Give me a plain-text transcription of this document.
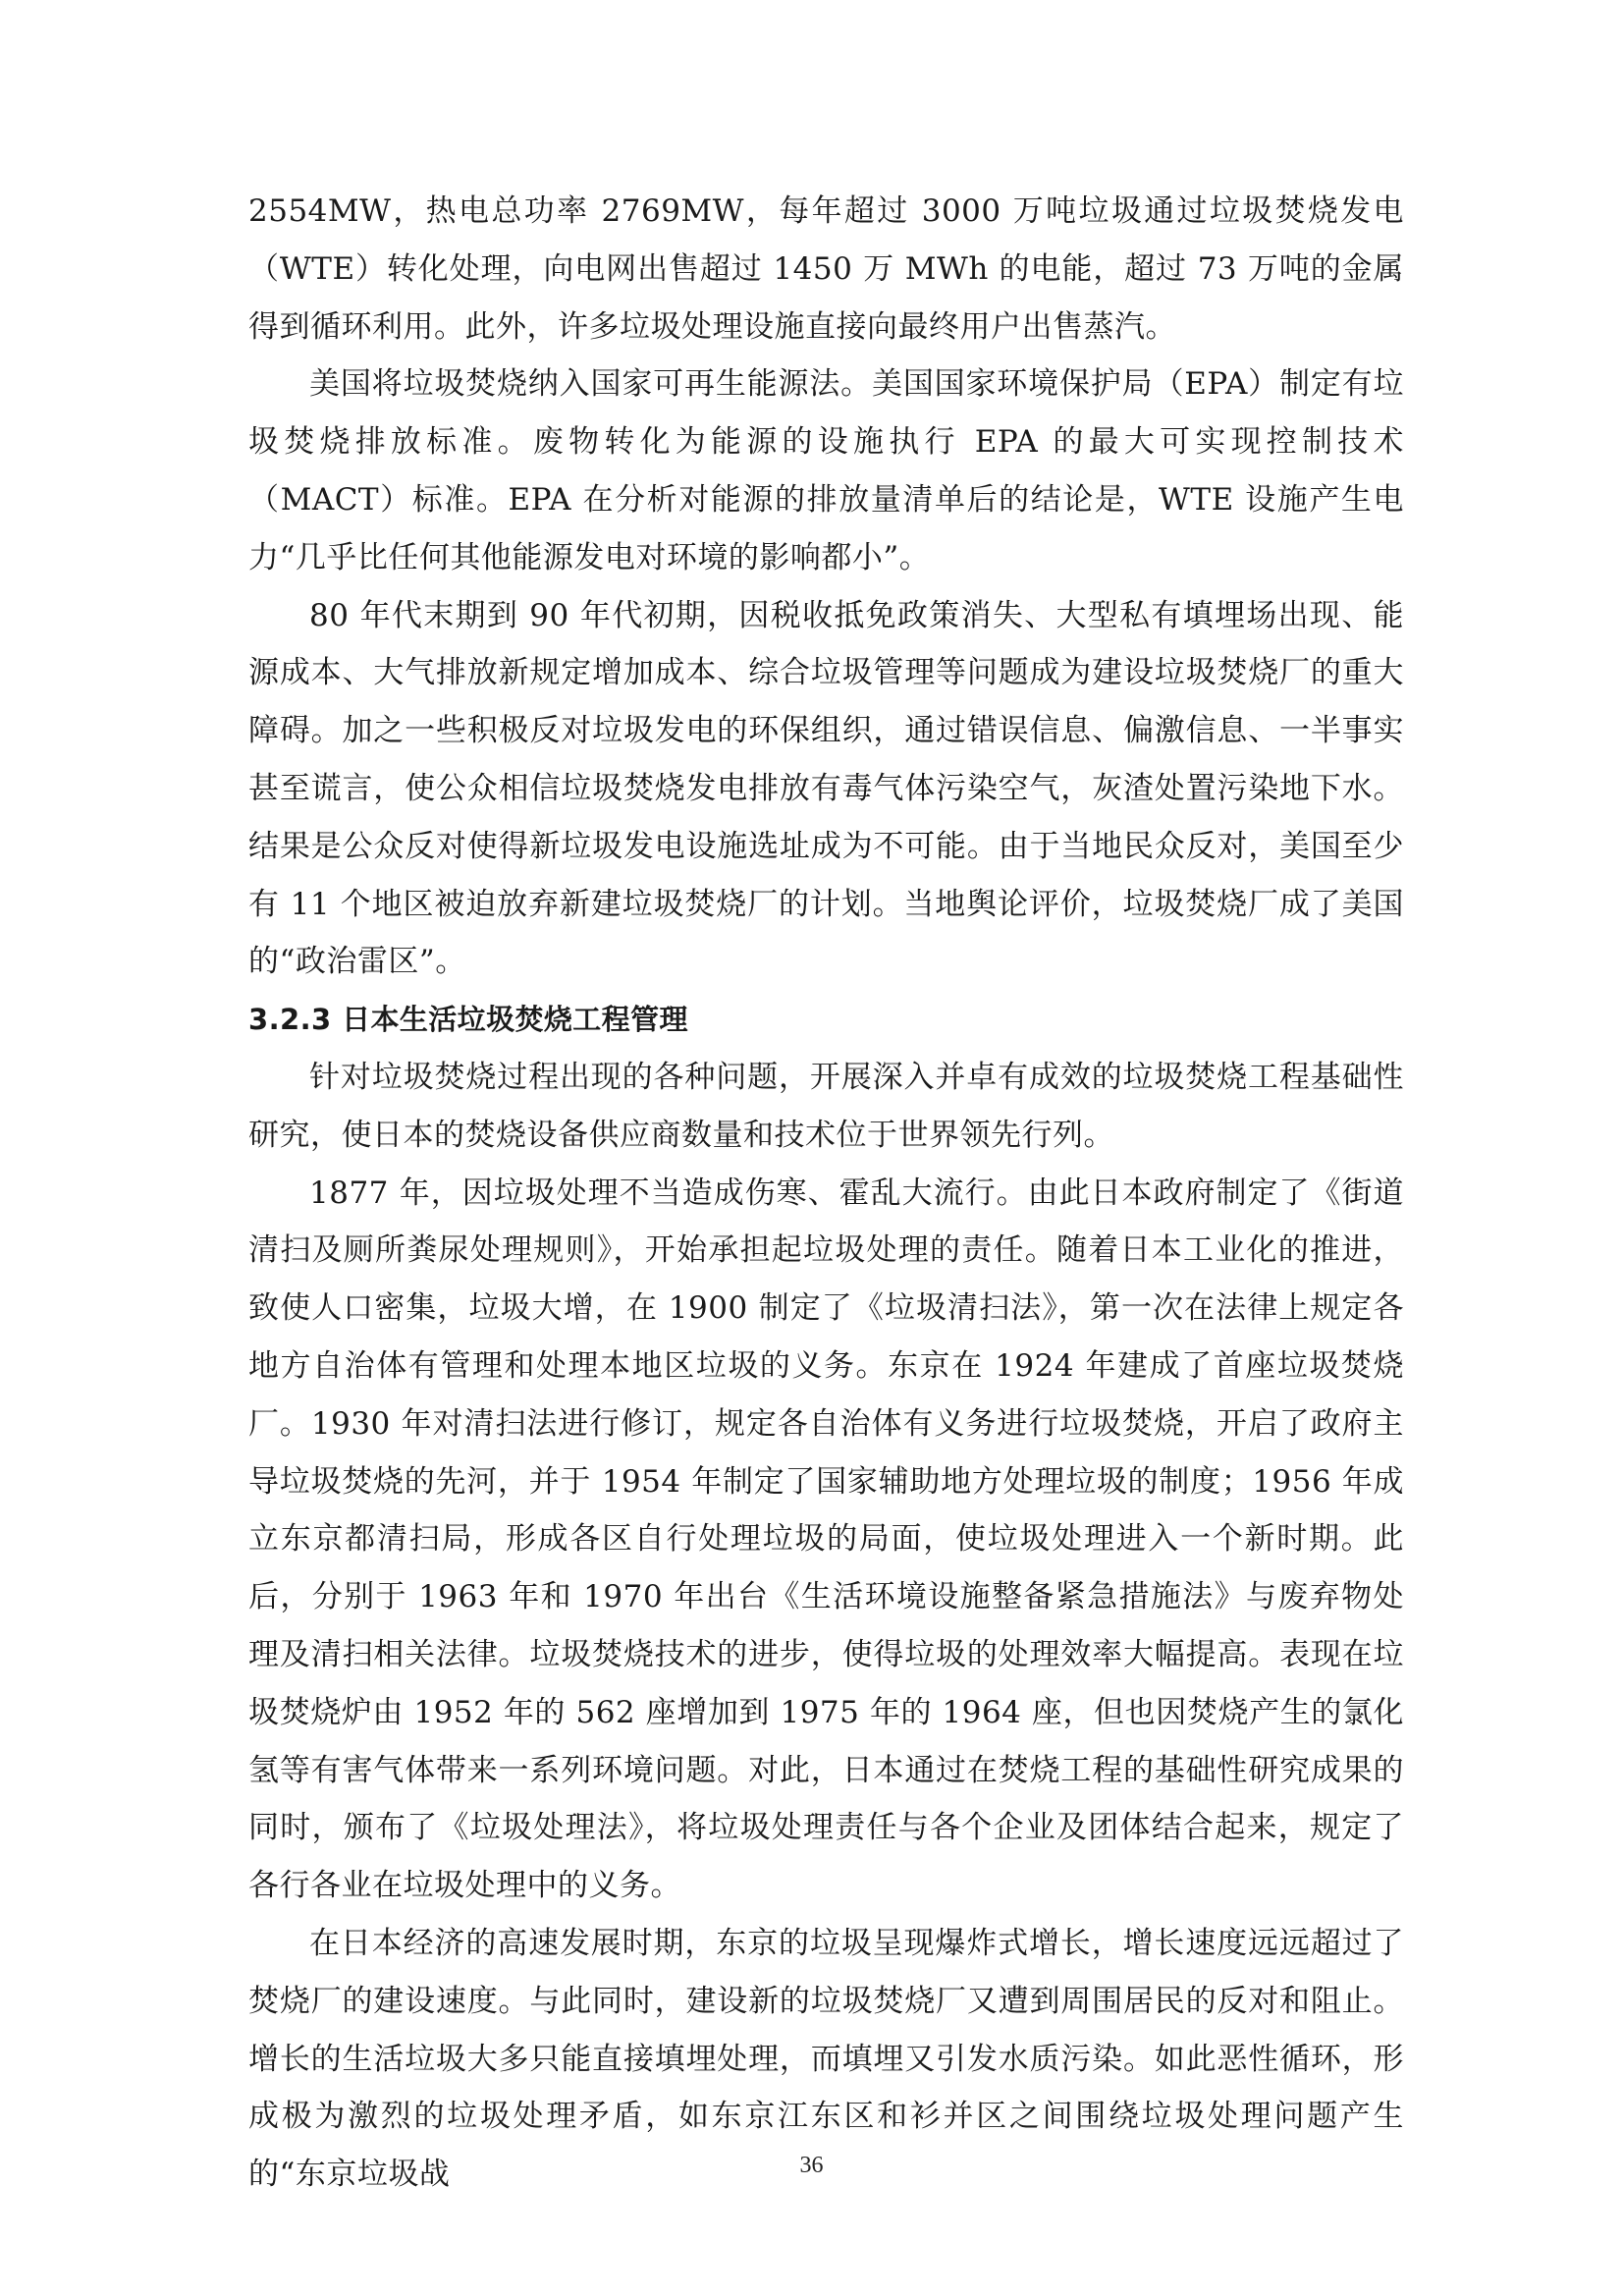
2554MW，热电总功率 2769MW，每年超过 3000 万吨垃圾通过垃圾焚烧发电（WTE）转化处理，向电网出售超过 1450 万 MWh 的电能，超过 73 万吨的金属得到循环利用。此外，许多垃圾处理设施直接向最终用户出售蒸汽。

美国将垃圾焚烧纳入国家可再生能源法。美国国家环境保护局（EPA）制定有垃圾焚烧排放标准。废物转化为能源的设施执行 EPA 的最大可实现控制技术（MACT）标准。EPA 在分析对能源的排放量清单后的结论是，WTE 设施产生电力“几乎比任何其他能源发电对环境的影响都小”。

80 年代末期到 90 年代初期，因税收抵免政策消失、大型私有填埋场出现、能源成本、大气排放新规定增加成本、综合垃圾管理等问题成为建设垃圾焚烧厂的重大障碍。加之一些积极反对垃圾发电的环保组织，通过错误信息、偏激信息、一半事实甚至谎言，使公众相信垃圾焚烧发电排放有毒气体污染空气，灰渣处置污染地下水。结果是公众反对使得新垃圾发电设施选址成为不可能。由于当地民众反对，美国至少有 11 个地区被迫放弃新建垃圾焚烧厂的计划。当地舆论评价，垃圾焚烧厂成了美国的“政治雷区”。

3.2.3 日本生活垃圾焚烧工程管理

针对垃圾焚烧过程出现的各种问题，开展深入并卓有成效的垃圾焚烧工程基础性研究，使日本的焚烧设备供应商数量和技术位于世界领先行列。

1877 年，因垃圾处理不当造成伤寒、霍乱大流行。由此日本政府制定了《街道清扫及厕所粪尿处理规则》，开始承担起垃圾处理的责任。随着日本工业化的推进，致使人口密集，垃圾大增，在 1900 制定了《垃圾清扫法》，第一次在法律上规定各地方自治体有管理和处理本地区垃圾的义务。东京在 1924 年建成了首座垃圾焚烧厂。1930 年对清扫法进行修订，规定各自治体有义务进行垃圾焚烧，开启了政府主导垃圾焚烧的先河，并于 1954 年制定了国家辅助地方处理垃圾的制度；1956 年成立东京都清扫局，形成各区自行处理垃圾的局面，使垃圾处理进入一个新时期。此后，分别于 1963 年和 1970 年出台《生活环境设施整备紧急措施法》与废弃物处理及清扫相关法律。垃圾焚烧技术的进步，使得垃圾的处理效率大幅提高。表现在垃圾焚烧炉由 1952 年的 562 座增加到 1975 年的 1964 座，但也因焚烧产生的氯化氢等有害气体带来一系列环境问题。对此，日本通过在焚烧工程的基础性研究成果的同时，颁布了《垃圾处理法》，将垃圾处理责任与各个企业及团体结合起来，规定了各行各业在垃圾处理中的义务。

在日本经济的高速发展时期，东京的垃圾呈现爆炸式增长，增长速度远远超过了焚烧厂的建设速度。与此同时，建设新的垃圾焚烧厂又遭到周围居民的反对和阻止。增长的生活垃圾大多只能直接填埋处理，而填埋又引发水质污染。如此恶性循环，形成极为激烈的垃圾处理矛盾，如东京江东区和衫并区之间围绕垃圾处理问题产生的“东京垃圾战	36
